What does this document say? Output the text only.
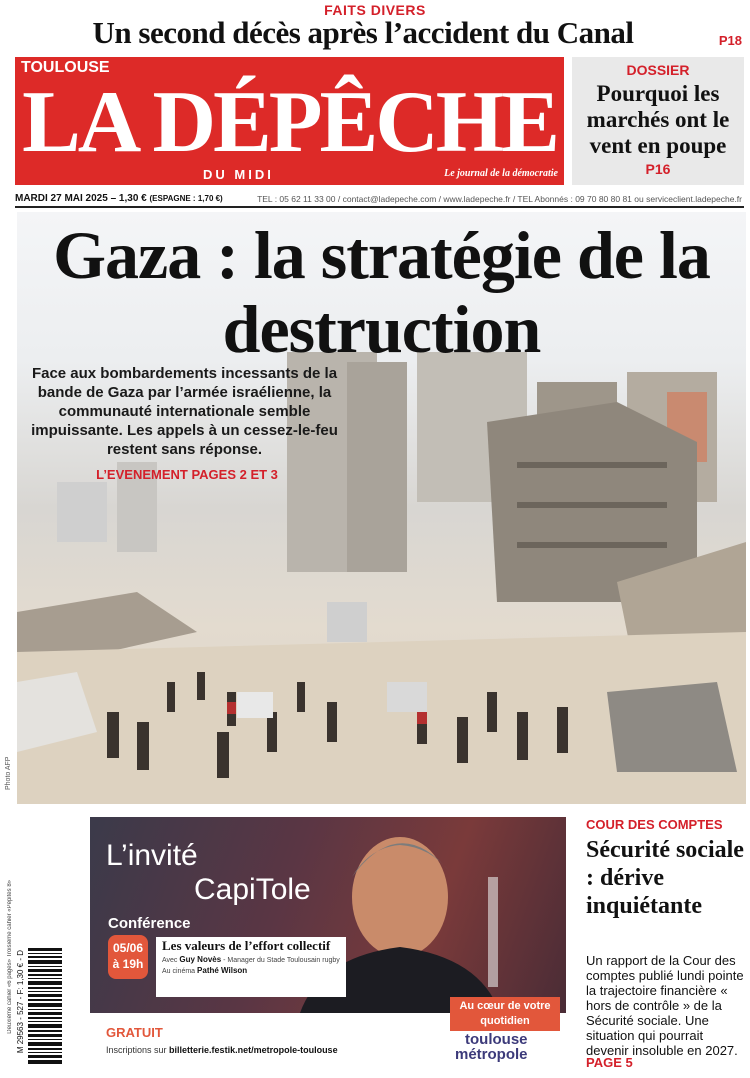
FAITS DIVERS
Un second décès après l’accident du Canal	P18
TOULOUSE
LA DÉPÊCHE
DU MIDI	Le journal de la démocratie
DOSSIER
Pourquoi les marchés ont le vent en poupe
P16
MARDI 27 MAI 2025 – 1,30 € (ESPAGNE : 1,70 €)	TEL : 05 62 11 33 00 / contact@ladepeche.com / www.ladepeche.fr / TEL Abonnés : 09 70 80 80 81 ou serviceclient.ladepeche.fr
Gaza : la stratégie de la destruction
Face aux bombardements incessants de la bande de Gaza par l’armée israélienne, la communauté internationale semble impuissante. Les appels à un cessez-le-feu restent sans réponse.
L’EVENEMENT PAGES 2 ET 3
Photo AFP
Deuxième cahier «6 pages» Troisième cahier «Pépites 8» M 29563 - 527 - F: 1,30 € - D
L’invité
CapiTole
Conférence
05/06
à 19h
Les valeurs de l’effort collectif
Avec Guy Novès - Manager du Stade Toulousain rugby
Au cinéma Pathé Wilson
Au cœur de votre quotidien
GRATUIT
Inscriptions sur billetterie.festik.net/metropole-toulouse
toulouse
métropole
COUR DES COMPTES
Sécurité sociale : dérive inquiétante
Un rapport de la Cour des comptes publié lundi pointe la trajectoire financière « hors de contrôle » de la Sécurité sociale. Une situation qui pourrait devenir insoluble en 2027.
PAGE 5
